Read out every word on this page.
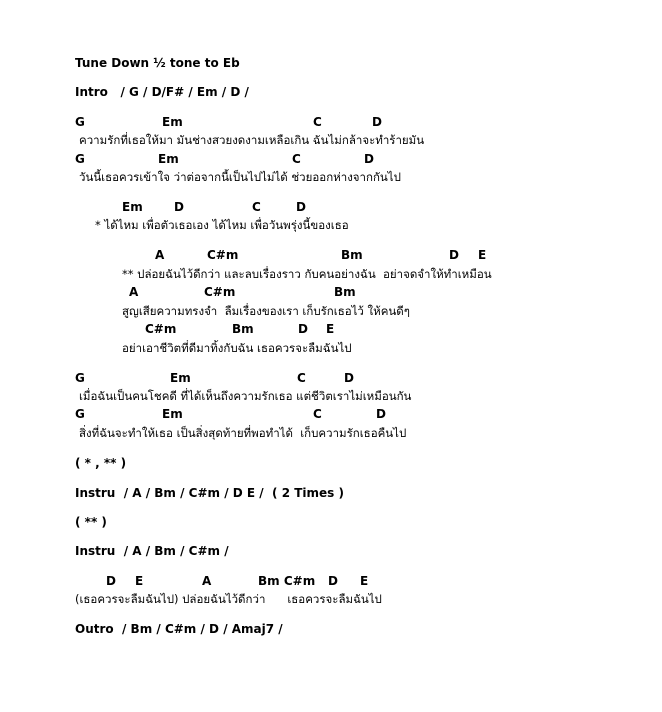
Tune Down ½ tone to Eb
Intro   / G / D/F# / Em / D /
G	Em	C	D
ความรักที่เธอให้มา มันช่างสวยงดงามเหลือเกิน ฉันไม่กล้าจะทำร้ายมัน
G	Em	C	D
วันนี้เธอควรเข้าใจ ว่าต่อจากนี้เป็นไปไม่ได้ ช่วยออกห่างจากกันไป
Em	D	C	D
* ได้ไหม เพื่อตัวเธอเอง ได้ไหม เพื่อวันพรุ่งนี้ของเธอ
A	C#m	Bm	D E
** ปล่อยฉันไว้ดีกว่า และลบเรื่องราว กับคนอย่างฉัน  อย่าจดจำให้ทำเหมือน
A	C#m	Bm
สูญเสียความทรงจำ  ลืมเรื่องของเรา เก็บรักเธอไว้ ให้คนดีๆ
C#m	Bm	D E
อย่าเอาชีวิตที่ดีมาทิ้งกับฉัน เธอควรจะลืมฉันไป
G	Em	C	D
เมื่อฉันเป็นคนโชคดี ที่ได้เห็นถึงความรักเธอ แต่ชีวิตเราไม่เหมือนกัน
G	Em	C	D
สิ่งที่ฉันจะทำให้เธอ เป็นสิ่งสุดท้ายที่พอทำได้  เก็บความรักเธอคืนไป
( * , ** )
Instru  / A / Bm / C#m / D E /  ( 2 Times )
( ** )
Instru  / A / Bm / C#m /
D E	A	Bm C#m D E
(เธอควรจะลืมฉันไป) ปล่อยฉันไว้ดีกว่า      เธอควรจะลืมฉันไป
Outro  / Bm / C#m / D / Amaj7 /
